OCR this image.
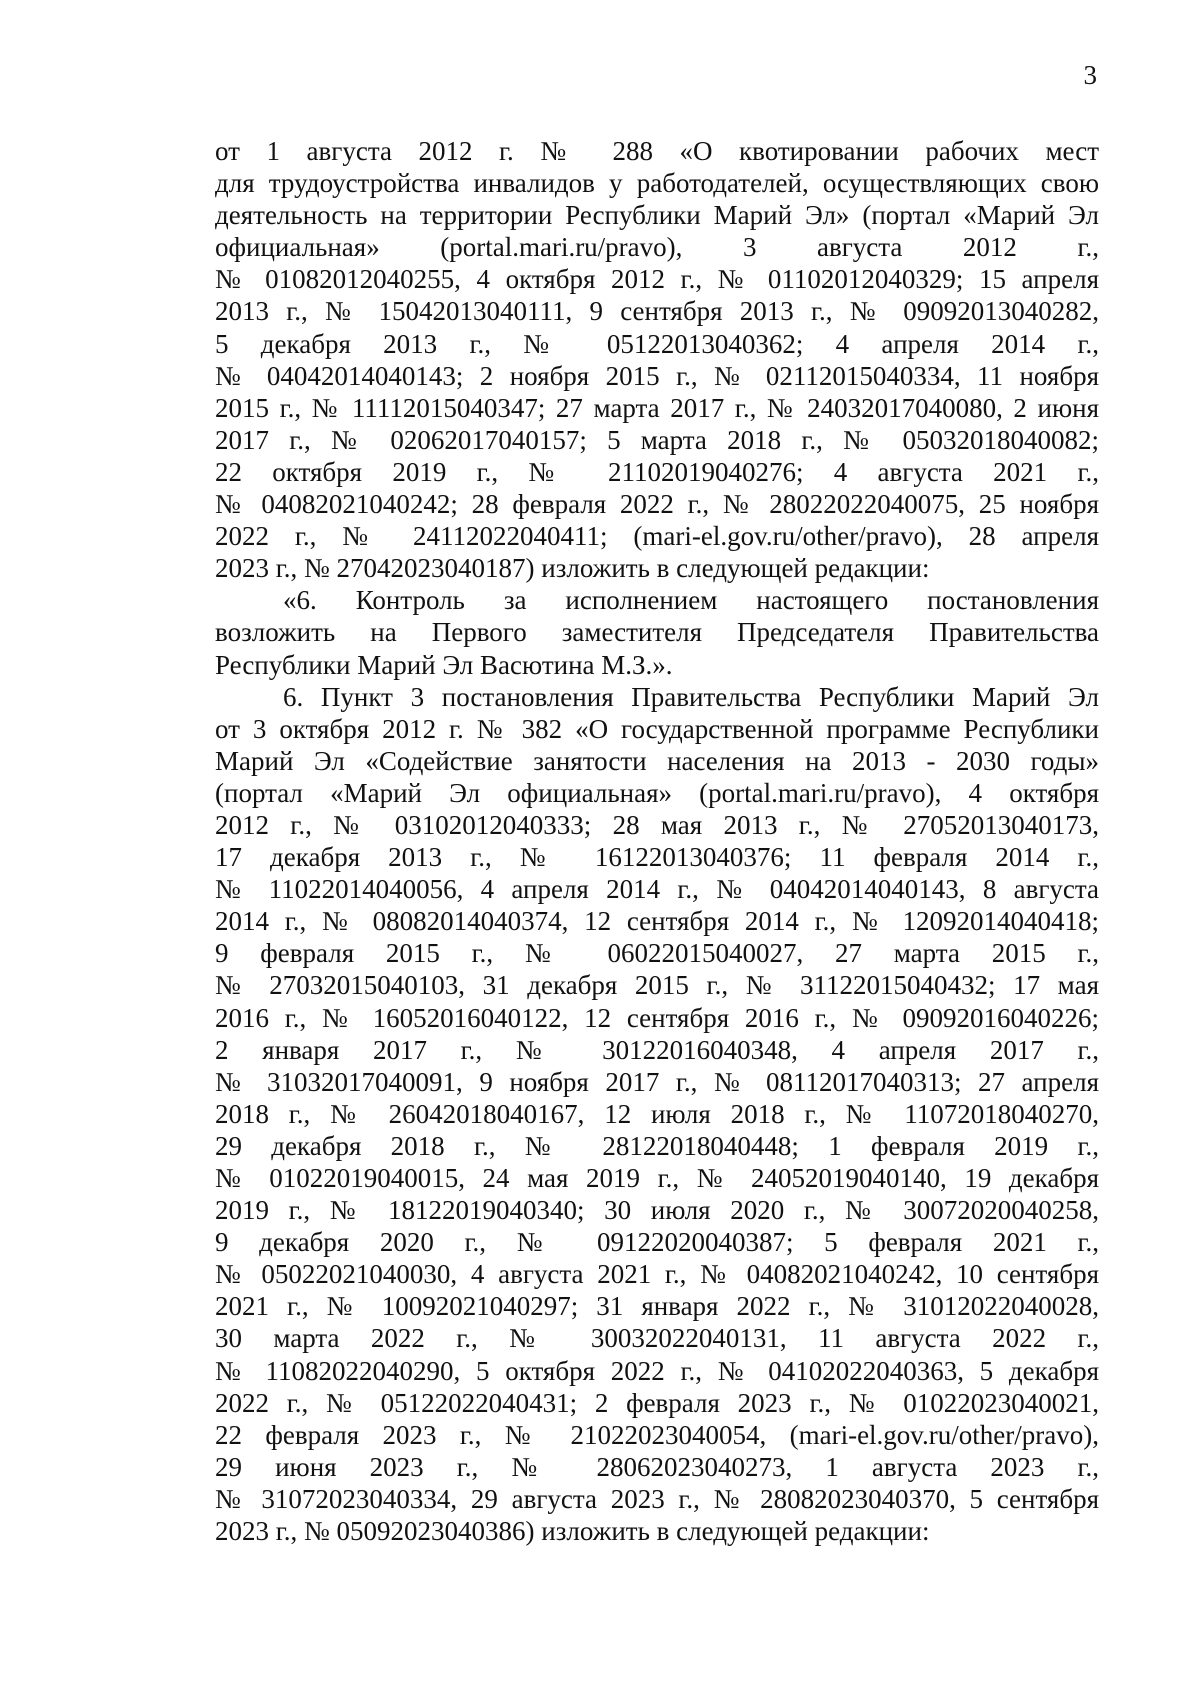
3
от 1 августа 2012 г. № 288 «О квотировании рабочих мест
для трудоустройства инвалидов у работодателей, осуществляющих свою
деятельность на территории Республики Марий Эл» (портал «Марий Эл
официальная» (portal.mari.ru/pravo), 3 августа 2012 г.,
№ 01082012040255, 4 октября 2012 г., № 01102012040329; 15 апреля
2013 г., № 15042013040111, 9 сентября 2013 г., № 09092013040282,
5 декабря 2013 г., № 05122013040362; 4 апреля 2014 г.,
№ 04042014040143; 2 ноября 2015 г., № 02112015040334, 11 ноября
2015 г., № 11112015040347; 27 марта 2017 г., № 24032017040080, 2 июня
2017 г., № 02062017040157; 5 марта 2018 г., № 05032018040082;
22 октября 2019 г., № 21102019040276; 4 августа 2021 г.,
№ 04082021040242; 28 февраля 2022 г., № 28022022040075, 25 ноября
2022 г., № 24112022040411; (mari-el.gov.ru/other/pravo), 28 апреля
2023 г., № 27042023040187) изложить в следующей редакции:
«6. Контроль за исполнением настоящего постановления
возложить на Первого заместителя Председателя Правительства
Республики Марий Эл Васютина М.З.».
6. Пункт 3 постановления Правительства Республики Марий Эл
от 3 октября 2012 г. № 382 «О государственной программе Республики
Марий Эл «Содействие занятости населения на 2013 - 2030 годы»
(портал «Марий Эл официальная» (portal.mari.ru/pravo), 4 октября
2012 г., № 03102012040333; 28 мая 2013 г., № 27052013040173,
17 декабря 2013 г., № 16122013040376; 11 февраля 2014 г.,
№ 11022014040056, 4 апреля 2014 г., № 04042014040143, 8 августа
2014 г., № 08082014040374, 12 сентября 2014 г., № 12092014040418;
9 февраля 2015 г., № 06022015040027, 27 марта 2015 г.,
№ 27032015040103, 31 декабря 2015 г., № 31122015040432; 17 мая
2016 г., № 16052016040122, 12 сентября 2016 г., № 09092016040226;
2 января 2017 г., № 30122016040348, 4 апреля 2017 г.,
№ 31032017040091, 9 ноября 2017 г., № 08112017040313; 27 апреля
2018 г., № 26042018040167, 12 июля 2018 г., № 11072018040270,
29 декабря 2018 г., № 28122018040448; 1 февраля 2019 г.,
№ 01022019040015, 24 мая 2019 г., № 24052019040140, 19 декабря
2019 г., № 18122019040340; 30 июля 2020 г., № 30072020040258,
9 декабря 2020 г., № 09122020040387; 5 февраля 2021 г.,
№ 05022021040030, 4 августа 2021 г., № 04082021040242, 10 сентября
2021 г., № 10092021040297; 31 января 2022 г., № 31012022040028,
30 марта 2022 г., № 30032022040131, 11 августа 2022 г.,
№ 11082022040290, 5 октября 2022 г., № 04102022040363, 5 декабря
2022 г., № 05122022040431; 2 февраля 2023 г., № 01022023040021,
22 февраля 2023 г., № 21022023040054, (mari-el.gov.ru/other/pravo),
29 июня 2023 г., № 28062023040273, 1 августа 2023 г.,
№ 31072023040334, 29 августа 2023 г., № 28082023040370, 5 сентября
2023 г., № 05092023040386) изложить в следующей редакции:
